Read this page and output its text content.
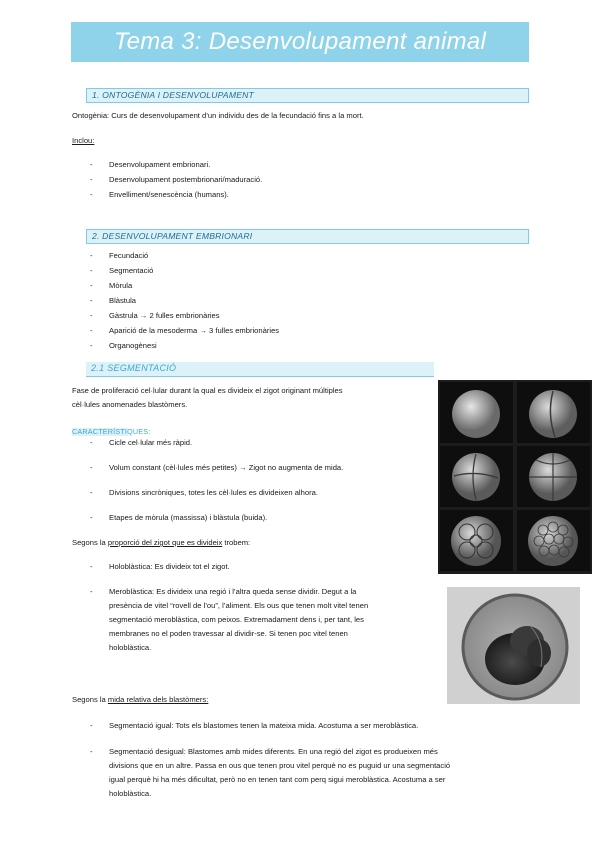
Tema 3: Desenvolupament animal
1. ONTOGÈNIA I DESENVOLUPAMENT
Ontogènia: Curs de desenvolupament d’un individu des de la fecundació fins a la mort.
Inclou:
- Desenvolupament embrionari.
- Desenvolupament postembrionari/maduració.
- Envelliment/senescència (humans).
2. DESENVOLUPAMENT EMBRIONARI
- Fecundació
- Segmentació
- Mòrula
- Blàstula
- Gàstrula → 2 fulles embrionàries
- Aparició de la mesoderma → 3 fulles embrionàries
- Organogènesi
2.1 SEGMENTACIÓ
Fase de proliferació cel·lular durant la qual es divideix el zigot originant múltiples
cèl·lules anomenades blastòmers.
CARACTERÍSTIQUES:
- Cicle cel·lular més ràpid.
- Volum constant (cèl·lules més petites) → Zigot no augmenta de mida.
- Divisions sincròniques, totes les cèl·lules es divideixen alhora.
- Etapes de mòrula (massissa) i blàstula (buida).
Segons la proporció del zigot que es divideix trobem:
- Holoblàstica: Es divideix tot el zigot.
- Meroblàstica: Es divideix una regió i l’altra queda sense dividir. Degut a la
presència de vitel “rovell de l’ou”, l’aliment. Els ous que tenen molt vitel tenen
segmentació meroblàstica, com peixos. Extremadament dens i, per tant, les
membranes no el poden travessar al dividir-se. Si tenen poc vitel tenen
holoblàstica.
Segons la mida relativa dels blastòmers:
- Segmentació igual: Tots els blastomes tenen la mateixa mida. Acostuma a ser meroblàstica.
- Segmentació desigual: Blastomes amb mides diferents. En una regió del zigot es produeixen més
divisions que en un altre. Passa en ous que tenen prou vitel perquè no es puguid ur una segmentació
igual perquè hi ha més dificultat, però no en tenen tant com perq sigui meroblàstica. Acostuma a ser
holoblàstica.
